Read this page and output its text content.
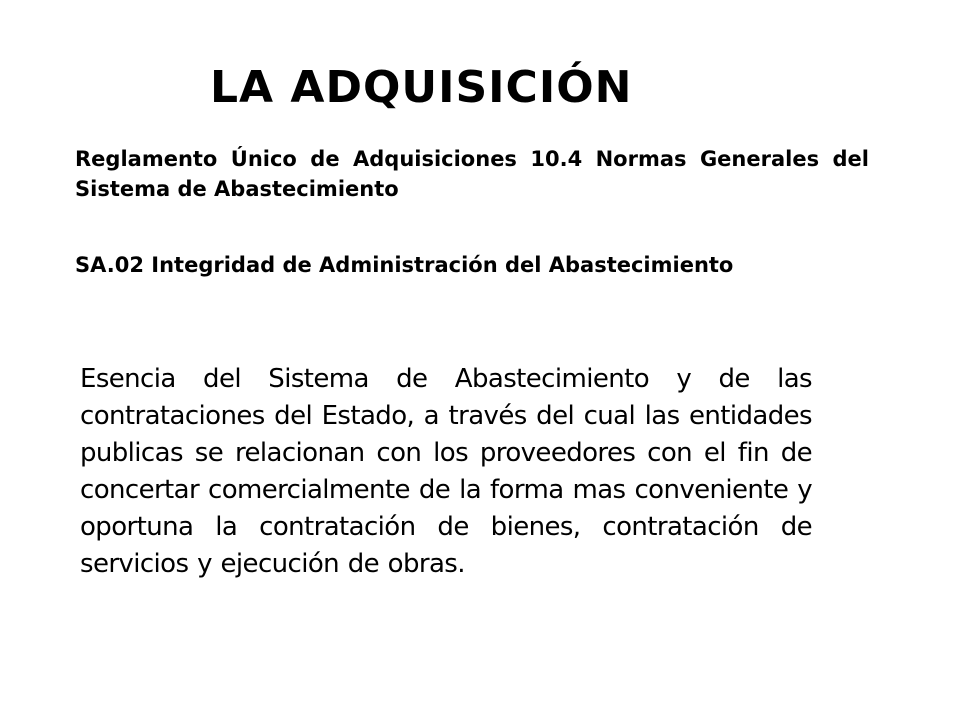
LA ADQUISICIÓN

Reglamento Único de Adquisiciones 10.4 Normas Generales del Sistema de Abastecimiento

SA.02 Integridad de Administración del Abastecimiento

Esencia del Sistema de Abastecimiento y de las contrataciones del Estado, a través del cual las entidades publicas se relacionan con los proveedores con el fin de concertar comercialmente de la forma mas conveniente y oportuna la contratación de bienes, contratación de servicios y ejecución de obras.
